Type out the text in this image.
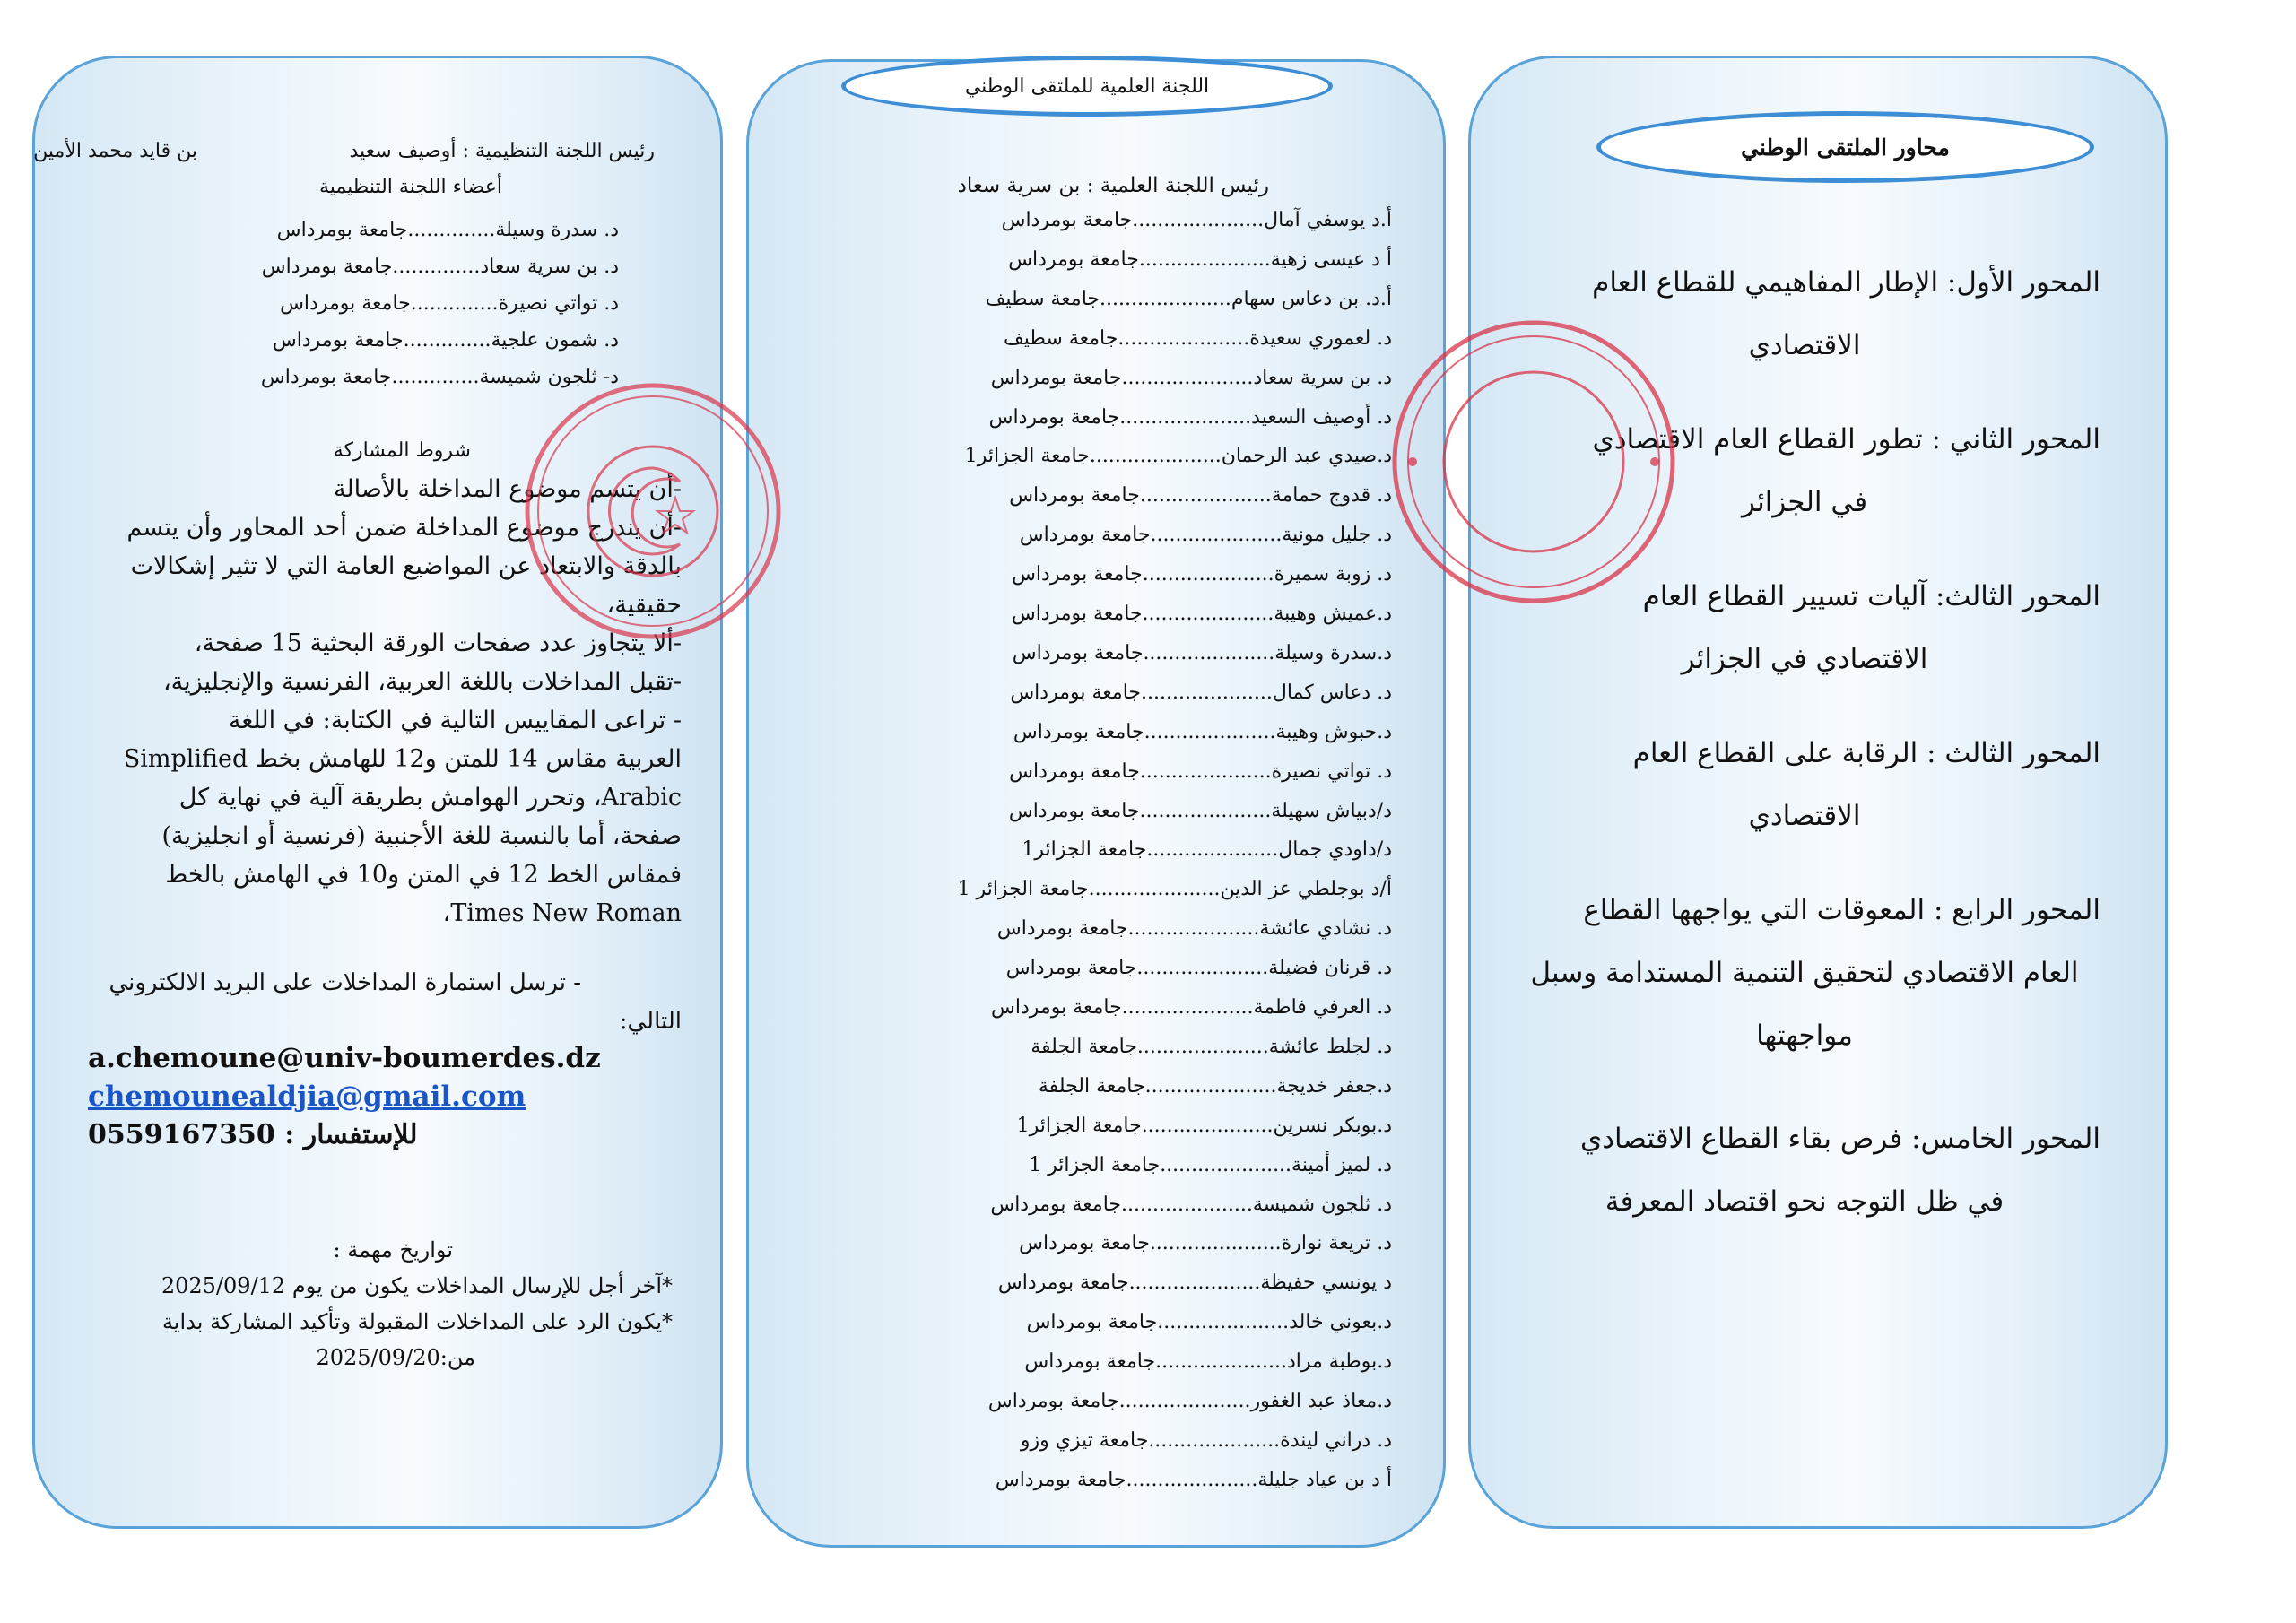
رئيس اللجنة التنظيمية : أوصيف سعيد
بن قايد محمد الأمين
أعضاء اللجنة التنظيمية
د. سدرة وسيلة..............جامعة بومرداس
د. بن سرية سعاد..............جامعة بومرداس
د. تواتي نصيرة..............جامعة بومرداس
د. شمون علجية..............جامعة بومرداس
د- ثلجون شميسة..............جامعة بومرداس
شروط المشاركة
-أن يتسم موضوع المداخلة بالأصالة
-أن يندرج موضوع المداخلة ضمن أحد المحاور وأن يتسم
بالدقة والابتعاد عن المواضيع العامة التي لا تثير إشكالات
حقيقية،
-ألا يتجاوز عدد صفحات الورقة البحثية 15 صفحة،
-تقبل المداخلات باللغة العربية، الفرنسية والإنجليزية،
- تراعى المقاييس التالية في الكتابة: في اللغة
العربية مقاس 14 للمتن و12 للهامش بخط Simplified
Arabic، وتحرر الهوامش بطريقة آلية في نهاية كل
صفحة، أما بالنسبة للغة الأجنبية (فرنسية أو انجليزية)
فمقاس الخط 12 في المتن و10 في الهامش بالخط
Times New Roman،
- ترسل استمارة المداخلات على البريد الالكتروني
التالي:
a.chemoune@univ-boumerdes.dz
chemounealdjia@gmail.com
0559167350 للإستفسار :
تواريخ مهمة :
*آخر أجل للإرسال المداخلات يكون من يوم 2025/09/12
*يكون الرد على المداخلات المقبولة وتأكيد المشاركة بداية
من:2025/09/20
اللجنة العلمية للملتقى الوطني
رئيس اللجنة العلمية : بن سرية سعاد
أ.د يوسفي آمال.....................جامعة بومرداس
أ د عيسى زهية.....................جامعة بومرداس
أ.د. بن دعاس سهام.....................جامعة سطيف
د. لعموري سعيدة.....................جامعة سطيف
د. بن سرية سعاد.....................جامعة بومرداس
د. أوصيف السعيد.....................جامعة بومرداس
د.صيدي عبد الرحمان.....................جامعة الجزائر1
د. قدوج حمامة.....................جامعة بومرداس
د. جليل مونية.....................جامعة بومرداس
د. زوبة سميرة.....................جامعة بومرداس
د.عميش وهيبة.....................جامعة بومرداس
د.سدرة وسيلة.....................جامعة بومرداس
د. دعاس كمال.....................جامعة بومرداس
د.حبوش وهيبة.....................جامعة بومرداس
د. تواتي نصيرة.....................جامعة بومرداس
د/دبياش سهيلة.....................جامعة بومرداس
د/داودي جمال.....................جامعة الجزائر1
أ/د بوجلطي عز الدين.....................جامعة الجزائر 1
د. نشادي عائشة.....................جامعة بومرداس
د. قرنان فضيلة.....................جامعة بومرداس
د. العرفي فاطمة.....................جامعة بومرداس
د. لجلط عائشة.....................جامعة الجلفة
د.جعفر خديجة.....................جامعة الجلفة
د.بوبكر نسرين.....................جامعة الجزائر1
د. لميز أمينة.....................جامعة الجزائر 1
د. ثلجون شميسة.....................جامعة بومرداس
د. تريعة نوارة.....................جامعة بومرداس
د يونسي حفيظة.....................جامعة بومرداس
د.بعوني خالد.....................جامعة بومرداس
د.بوطبة مراد.....................جامعة بومرداس
د.معاذ عبد الغفور.....................جامعة بومرداس
د. دراني ليندة.....................جامعة تيزي وزو
أ د بن عياد جليلة.....................جامعة بومرداس
محاور الملتقى الوطني
المحور الأول: الإطار المفاهيمي للقطاع العام
الاقتصادي
المحور الثاني : تطور القطاع العام الاقتصادي
في الجزائر
المحور الثالث: آليات تسيير القطاع العام
الاقتصادي في الجزائر
المحور الثالث : الرقابة على القطاع العام
الاقتصادي
المحور الرابع : المعوقات التي يواجهها القطاع
العام الاقتصادي لتحقيق التنمية المستدامة وسبل
مواجهتها
المحور الخامس: فرص بقاء القطاع الاقتصادي
في ظل التوجه نحو اقتصاد المعرفة
